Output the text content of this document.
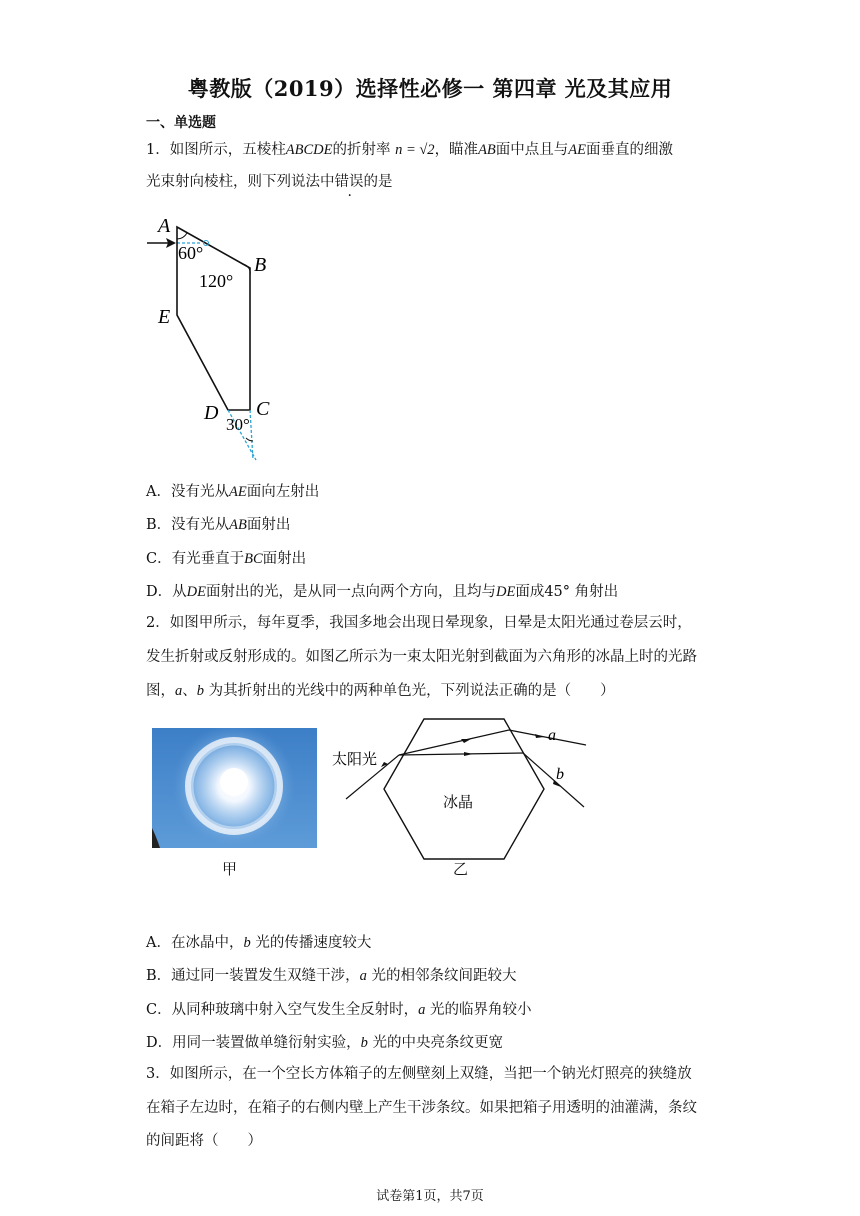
粤教版（2019）选择性必修一 第四章 光及其应用
一、单选题
1．如图所示，五棱柱ABCDE的折射率 n = √2，瞄准AB面中点且与AE面垂直的细激
光束射向棱柱，则下列说法中错误的是
A
B
C
D
E
60°
120°
30°
A．没有光从AE面向左射出
B．没有光从AB面射出
C．有光垂直于BC面射出
D．从DE面射出的光，是从同一点向两个方向，且均与DE面成45° 角射出
2．如图甲所示，每年夏季，我国多地会出现日晕现象，日晕是太阳光通过卷层云时，
发生折射或反射形成的。如图乙所示为一束太阳光射到截面为六角形的冰晶上时的光路
图，a、b 为其折射出的光线中的两种单色光，下列说法正确的是（　　）
甲
太阳光
冰晶
a
b
乙
A．在冰晶中，b 光的传播速度较大
B．通过同一装置发生双缝干涉，a 光的相邻条纹间距较大
C．从同种玻璃中射入空气发生全反射时，a 光的临界角较小
D．用同一装置做单缝衍射实验，b 光的中央亮条纹更宽
3．如图所示，在一个空长方体箱子的左侧壁刻上双缝，当把一个钠光灯照亮的狭缝放
在箱子左边时，在箱子的右侧内壁上产生干涉条纹。如果把箱子用透明的油灌满，条纹
的间距将（　　）
试卷第1页，共7页
